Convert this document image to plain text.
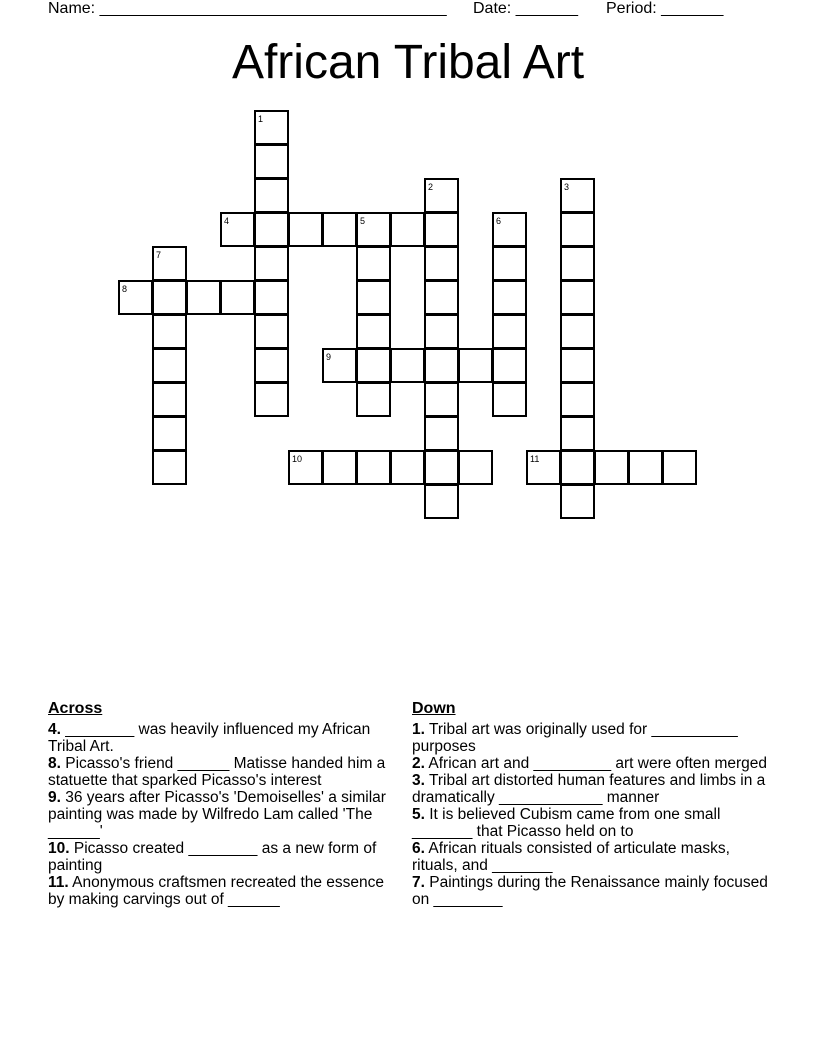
Name: _______________________________________ Date: _______ Period: _______
African Tribal Art
1
2	3
4	5	6
7
8
9
10	11
Across
4. ________ was heavily influenced my African Tribal Art.
8. Picasso's friend ______ Matisse handed him a statuette that sparked Picasso's interest
9. 36 years after Picasso's 'Demoiselles' a similar painting was made by Wilfredo Lam called 'The ______'
10. Picasso created ________ as a new form of painting
11. Anonymous craftsmen recreated the essence by making carvings out of ______
Down
1. Tribal art was originally used for __________ purposes
2. African art and _________ art were often merged
3. Tribal art distorted human features and limbs in a dramatically ____________ manner
5. It is believed Cubism came from one small _______ that Picasso held on to
6. African rituals consisted of articulate masks, rituals, and _______
7. Paintings during the Renaissance mainly focused on ________
